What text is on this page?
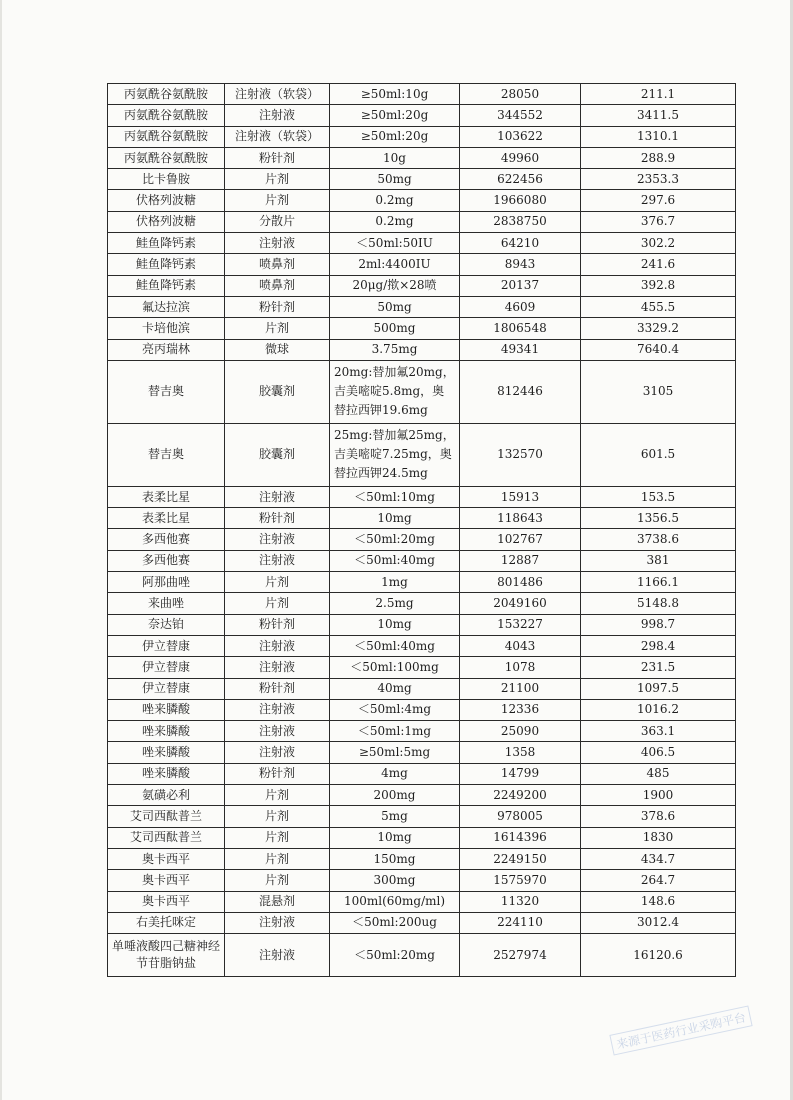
丙氨酰谷氨酰胺	注射液（软袋）	≥50ml:10g	28050	211.1
丙氨酰谷氨酰胺	注射液	≥50ml:20g	344552	3411.5
丙氨酰谷氨酰胺	注射液（软袋）	≥50ml:20g	103622	1310.1
丙氨酰谷氨酰胺	粉针剂	10g	49960	288.9
比卡鲁胺	片剂	50mg	622456	2353.3
伏格列波糖	片剂	0.2mg	1966080	297.6
伏格列波糖	分散片	0.2mg	2838750	376.7
鲑鱼降钙素	注射液	＜50ml:50IU	64210	302.2
鲑鱼降钙素	喷鼻剂	2ml:4400IU	8943	241.6
鲑鱼降钙素	喷鼻剂	20μg/揿×28喷	20137	392.8
氟达拉滨	粉针剂	50mg	4609	455.5
卡培他滨	片剂	500mg	1806548	3329.2
亮丙瑞林	微球	3.75mg	49341	7640.4
替吉奥	胶囊剂	20mg:替加氟20mg，吉美嘧啶5.8mg，奥替拉西钾19.6mg	812446	3105
替吉奥	胶囊剂	25mg:替加氟25mg，吉美嘧啶7.25mg，奥替拉西钾24.5mg	132570	601.5
表柔比星	注射液	＜50ml:10mg	15913	153.5
表柔比星	粉针剂	10mg	118643	1356.5
多西他赛	注射液	＜50ml:20mg	102767	3738.6
多西他赛	注射液	＜50ml:40mg	12887	381
阿那曲唑	片剂	1mg	801486	1166.1
来曲唑	片剂	2.5mg	2049160	5148.8
奈达铂	粉针剂	10mg	153227	998.7
伊立替康	注射液	＜50ml:40mg	4043	298.4
伊立替康	注射液	＜50ml:100mg	1078	231.5
伊立替康	粉针剂	40mg	21100	1097.5
唑来膦酸	注射液	＜50ml:4mg	12336	1016.2
唑来膦酸	注射液	＜50ml:1mg	25090	363.1
唑来膦酸	注射液	≥50ml:5mg	1358	406.5
唑来膦酸	粉针剂	4mg	14799	485
氨磺必利	片剂	200mg	2249200	1900
艾司西酞普兰	片剂	5mg	978005	378.6
艾司西酞普兰	片剂	10mg	1614396	1830
奥卡西平	片剂	150mg	2249150	434.7
奥卡西平	片剂	300mg	1575970	264.7
奥卡西平	混悬剂	100ml(60mg/ml)	11320	148.6
右美托咪定	注射液	＜50ml:200ug	224110	3012.4
单唾液酸四己糖神经节苷脂钠盐	注射液	＜50ml:20mg	2527974	16120.6
来源于医药行业采购平台
